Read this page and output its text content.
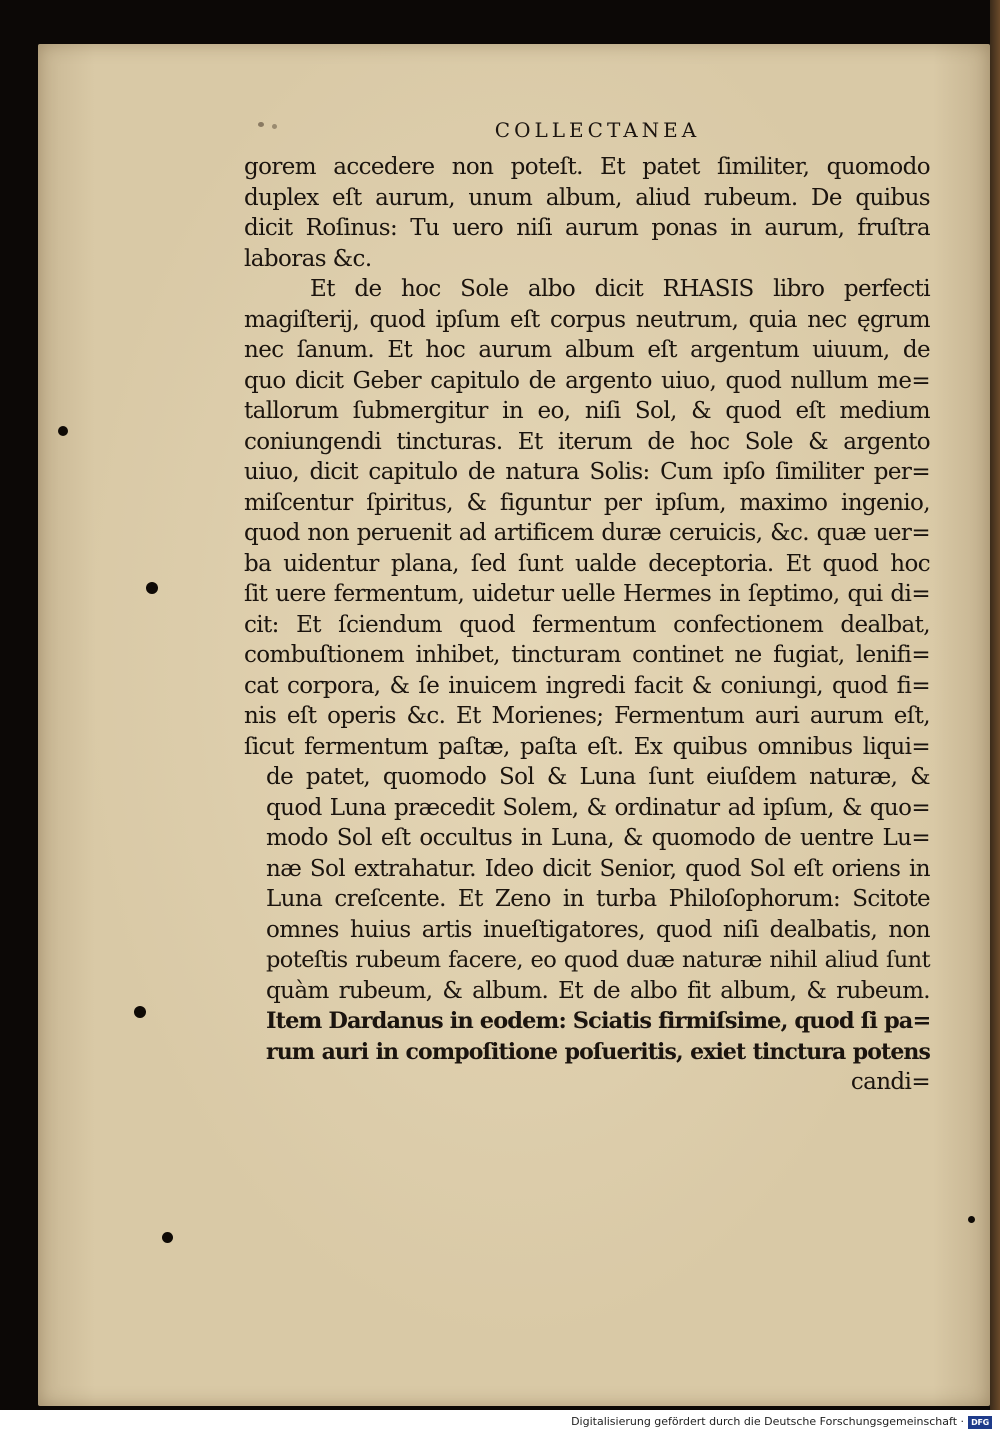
COLLECTANEA
gorem accedere non poteſt. Et patet ſimiliter, quomodo
duplex eſt aurum, unum album, aliud rubeum. De quibus
dicit Roſinus: Tu uero niſi aurum ponas in aurum, fruſtra
laboras &c.
Et de hoc Sole albo dicit RHASIS libro perfecti
magiſterij, quod ipſum eſt corpus neutrum, quia nec ęgrum
nec ſanum. Et hoc aurum album eſt argentum uiuum, de
quo dicit Geber capitulo de argento uiuo, quod nullum me=
tallorum ſubmergitur in eo, niſi Sol, & quod eſt medium
coniungendi tincturas. Et iterum de hoc Sole & argento
uiuo, dicit capitulo de natura Solis: Cum ipſo ſimiliter per=
miſcentur ſpiritus, & figuntur per ipſum, maximo ingenio,
quod non peruenit ad artificem duræ ceruicis, &c. quæ uer=
ba uidentur plana, ſed ſunt ualde deceptoria. Et quod hoc
ſit uere fermentum, uidetur uelle Hermes in ſeptimo, qui di=
cit: Et ſciendum quod fermentum confectionem dealbat,
combuſtionem inhibet, tincturam continet ne fugiat, lenifi=
cat corpora, & ſe inuicem ingredi facit & coniungi, quod fi=
nis eſt operis &c. Et Morienes; Fermentum auri aurum eſt,
ſicut fermentum paſtæ, paſta eſt. Ex quibus omnibus liqui=
de patet, quomodo Sol & Luna ſunt eiuſdem naturæ, &
quod Luna præcedit Solem, & ordinatur ad ipſum, & quo=
modo Sol eſt occultus in Luna, & quomodo de uentre Lu=
næ Sol extrahatur. Ideo dicit Senior, quod Sol eſt oriens in
Luna creſcente. Et Zeno in turba Philoſophorum: Scitote
omnes huius artis inueſtigatores, quod niſi dealbatis, non
poteſtis rubeum facere, eo quod duæ naturæ nihil aliud ſunt
quàm rubeum, & album. Et de albo fit album, & rubeum.
Item Dardanus in eodem: Sciatis firmiſsime, quod ſi pa=
rum auri in compoſitione poſueritis, exiet tinctura potens
candi=
Digitalisierung gefördert durch die Deutsche Forschungsgemeinschaft · DFG
